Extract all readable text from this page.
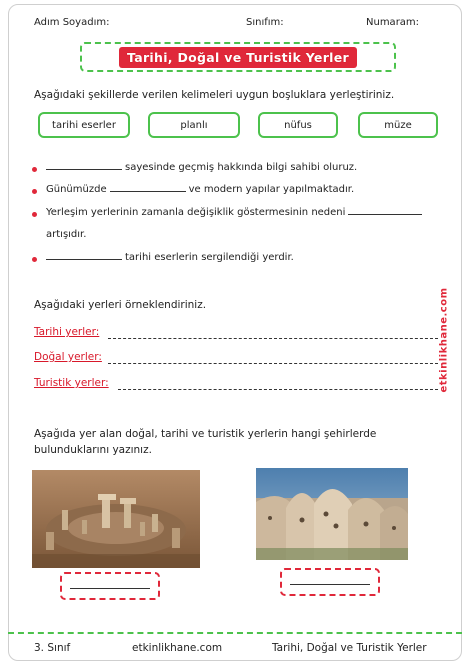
Adım Soyadım:	Sınıfım:	Numaram:
Tarihi, Doğal ve Turistik Yerler
Aşağıdaki şekillerde verilen kelimeleri uygun boşluklara yerleştiriniz.
tarihi eserler	planlı	nüfus	müze
sayesinde geçmiş hakkında bilgi sahibi oluruz.
Günümüzde	ve modern yapılar yapılmaktadır.
Yerleşim yerlerinin zamanla değişiklik göstermesinin nedeni
artışıdır.
tarihi eserlerin sergilendiği yerdir.
Aşağıdaki yerleri örneklendiriniz.
Tarihi yerler:
Doğal yerler:
Turistik yerler:
Aşağıda yer alan doğal, tarihi ve turistik yerlerin hangi şehirlerde
bulunduklarını yazınız.
etkinlikhane.com
3. Sınıf	etkinlikhane.com	Tarihi, Doğal ve Turistik Yerler
